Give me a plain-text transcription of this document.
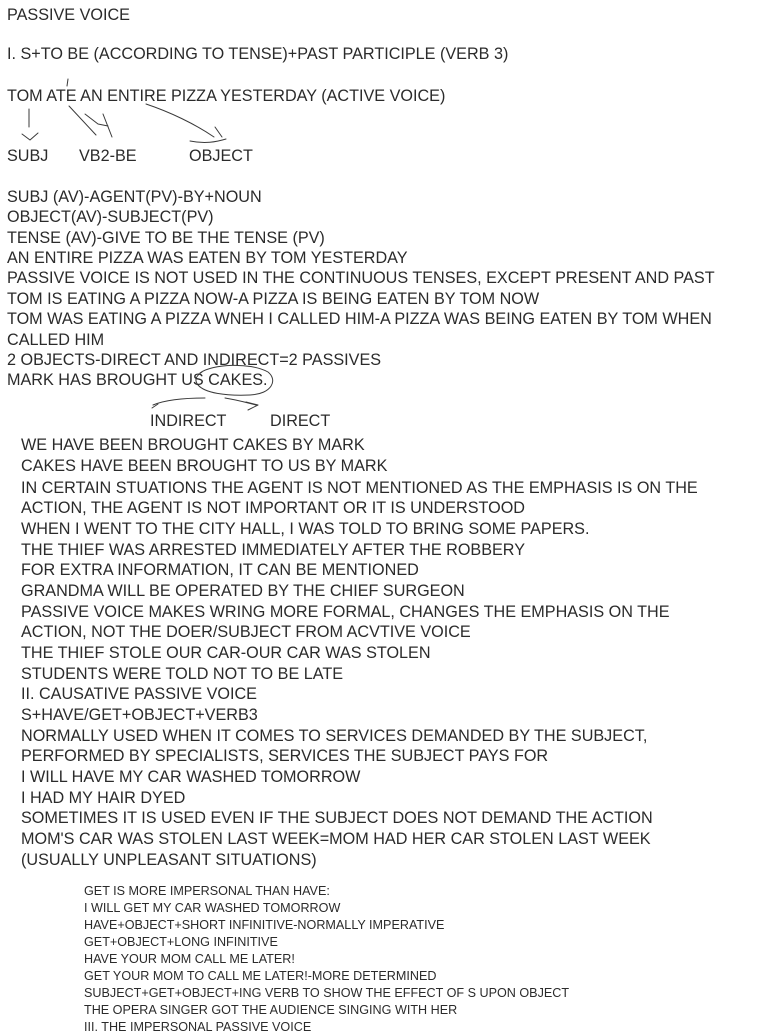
PASSIVE VOICE
I. S+TO BE (ACCORDING TO TENSE)+PAST PARTICIPLE (VERB 3)
TOM ATE AN ENTIRE PIZZA YESTERDAY (ACTIVE VOICE)
SUBJ VB2-BE	OBJECT
SUBJ (AV)-AGENT(PV)-BY+NOUN
OBJECT(AV)-SUBJECT(PV)
TENSE (AV)-GIVE TO BE THE TENSE (PV)
AN ENTIRE PIZZA WAS EATEN BY TOM YESTERDAY
PASSIVE VOICE IS NOT USED IN THE CONTINUOUS TENSES, EXCEPT PRESENT AND PAST
TOM IS EATING A PIZZA NOW-A PIZZA IS BEING EATEN BY TOM NOW
TOM WAS EATING A PIZZA WNEH I CALLED HIM-A PIZZA WAS BEING EATEN BY TOM WHEN
CALLED HIM
2 OBJECTS-DIRECT AND INDIRECT=2 PASSIVES
MARK HAS BROUGHT US CAKES.
INDIRECT	DIRECT
WE HAVE BEEN BROUGHT CAKES BY MARK
CAKES HAVE BEEN BROUGHT TO US BY MARK
IN CERTAIN STUATIONS THE AGENT IS NOT MENTIONED AS THE EMPHASIS IS ON THE
ACTION, THE AGENT IS NOT IMPORTANT OR IT IS UNDERSTOOD
WHEN I WENT TO THE CITY HALL, I WAS TOLD TO BRING SOME PAPERS.
THE THIEF WAS ARRESTED IMMEDIATELY AFTER THE ROBBERY
FOR EXTRA INFORMATION, IT CAN BE MENTIONED
GRANDMA WILL BE OPERATED BY THE CHIEF SURGEON
PASSIVE VOICE MAKES WRING MORE FORMAL, CHANGES THE EMPHASIS ON THE
ACTION, NOT THE DOER/SUBJECT FROM ACVTIVE VOICE
THE THIEF STOLE OUR CAR-OUR CAR WAS STOLEN
STUDENTS WERE TOLD NOT TO BE LATE
II. CAUSATIVE PASSIVE VOICE
S+HAVE/GET+OBJECT+VERB3
NORMALLY USED WHEN IT COMES TO SERVICES DEMANDED BY THE SUBJECT,
PERFORMED BY SPECIALISTS, SERVICES THE SUBJECT PAYS FOR
I WILL HAVE MY CAR WASHED TOMORROW
I HAD MY HAIR DYED
SOMETIMES IT IS USED EVEN IF THE SUBJECT DOES NOT DEMAND THE ACTION
MOM'S CAR WAS STOLEN LAST WEEK=MOM HAD HER CAR STOLEN LAST WEEK
(USUALLY UNPLEASANT SITUATIONS)
GET IS MORE IMPERSONAL THAN HAVE:
I WILL GET MY CAR WASHED TOMORROW
HAVE+OBJECT+SHORT INFINITIVE-NORMALLY IMPERATIVE
GET+OBJECT+LONG INFINITIVE
HAVE YOUR MOM CALL ME LATER!
GET YOUR MOM TO CALL ME LATER!-MORE DETERMINED
SUBJECT+GET+OBJECT+ING VERB TO SHOW THE EFFECT OF S UPON OBJECT
THE OPERA SINGER GOT THE AUDIENCE SINGING WITH HER
III. THE IMPERSONAL PASSIVE VOICE
